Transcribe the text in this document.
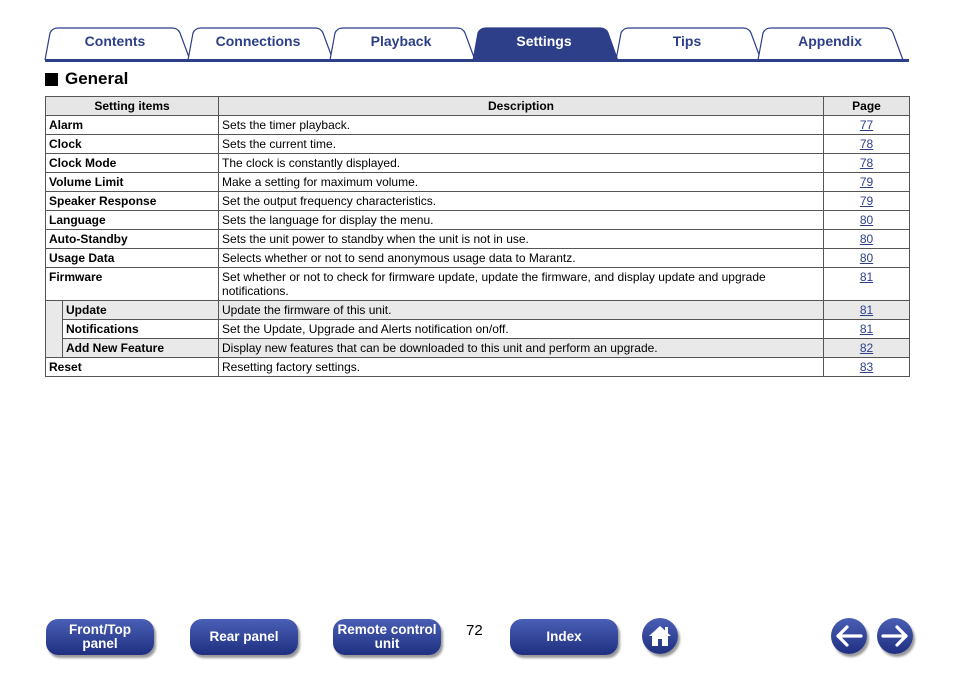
Contents	Connections	Playback	Settings	Tips	Appendix
General
Setting items		Description	Page
Alarm		Sets the timer playback.	77
Clock		Sets the current time.	78
Clock Mode		The clock is constantly displayed.	78
Volume Limit		Make a setting for maximum volume.	79
Speaker Response		Set the output frequency characteristics.	79
Language		Sets the language for display the menu.	80
Auto-Standby		Sets the unit power to standby when the unit is not in use.	80
Usage Data		Selects whether or not to send anonymous usage data to Marantz.	80
Firmware		Set whether or not to check for firmware update, update the firmware, and display update and upgrade notifications.	81
	Update	Update the firmware of this unit.	81
	Notifications	Set the Update, Upgrade and Alerts notification on/off.	81
	Add New Feature	Display new features that can be downloaded to this unit and perform an upgrade.	82
Reset		Resetting factory settings.	83
Front/Top panel	Rear panel	Remote control unit
72	Index
